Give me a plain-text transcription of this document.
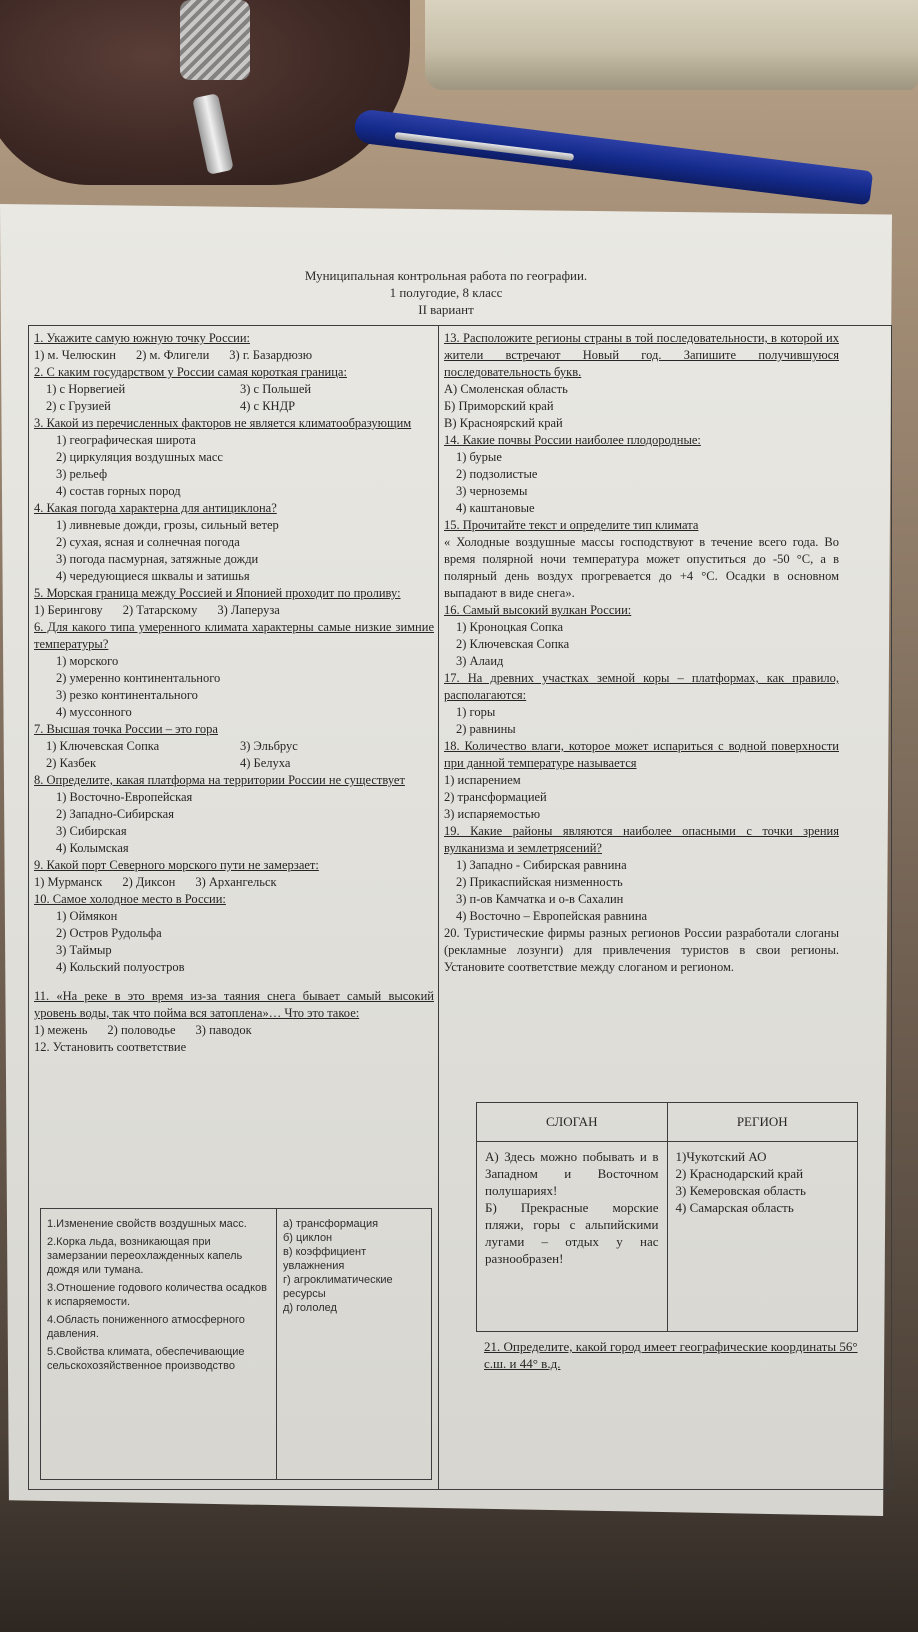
Муниципальная контрольная работа по географии.
1 полугодие, 8 класс
II вариант
1. Укажите самую южную точку России:
1) м. Челюскин 2) м. Флигели 3) г. Базардюзю
2. С каким государством у России самая короткая граница:
1) с Норвегией	3) с Польшей
2) с Грузией	4) с КНДР
3. Какой из перечисленных факторов не является климатообразующим
1) географическая широта
2) циркуляция воздушных масс
3) рельеф
4) состав горных пород
4. Какая погода характерна для антициклона?
1) ливневые дожди, грозы, сильный ветер
2) сухая, ясная и солнечная погода
3) погода пасмурная, затяжные дожди
4) чередующиеся шквалы и затишья
5. Морская граница между Россией и Японией проходит по проливу:
1) Берингову 2) Татарскому 3) Лаперуза
6. Для какого типа умеренного климата характерны самые низкие зимние температуры?
1) морского
2) умеренно континентального
3) резко континентального
4) муссонного
7. Высшая точка России – это гора
1) Ключевская Сопка	3) Эльбрус
2) Казбек	4) Белуха
8. Определите, какая платформа на территории России не существует
1) Восточно-Европейская
2) Западно-Сибирская
3) Сибирская
4) Колымская
9. Какой порт Северного морского пути не замерзает:
1) Мурманск 2) Диксон 3) Архангельск
10. Самое холодное место в России:
1) Оймякон
2) Остров Рудольфа
3) Таймыр
4) Кольский полуостров
11. «На реке в это время из-за таяния снега бывает самый высокий уровень воды, так что пойма вся затоплена»… Что это такое:
1) межень 2) половодье 3) паводок
12. Установить соответствие
1.Изменение свойств воздушных масс.
2.Корка льда, возникающая при замерзании переохлажденных капель дождя или тумана.
3.Отношение годового количества осадков к испаряемости.
4.Область пониженного атмосферного давления.
5.Свойства климата, обеспечивающие сельскохозяйственное производство
а) трансформация
б) циклон
в) коэффициент увлажнения
г) агроклиматические ресурсы
д) гололед
13. Расположите регионы страны в той последовательности, в которой их жители встречают Новый год. Запишите получившуюся последовательность букв.
А) Смоленская область
Б) Приморский край
В) Красноярский край
14. Какие почвы России наиболее плодородные:
1) бурые
2) подзолистые
3) черноземы
4) каштановые
15. Прочитайте текст и определите тип климата
« Холодные воздушные массы господствуют в течение всего года. Во время полярной ночи температура может опуститься до -50 °С, а в полярный день воздух прогревается до +4 °С. Осадки в основном выпадают в виде снега».
16. Самый высокий вулкан России:
1) Кроноцкая Сопка
2) Ключевская Сопка
3) Алаид
17. На древних участках земной коры – платформах, как правило, располагаются:
1) горы
2) равнины
18. Количество влаги, которое может испариться с водной поверхности при данной температуре называется
1) испарением
2) трансформацией
3) испаряемостью
19. Какие районы являются наиболее опасными с точки зрения вулканизма и землетрясений?
1) Западно - Сибирская равнина
2) Прикаспийская низменность
3) п-ов Камчатка и о-в Сахалин
4) Восточно – Европейская равнина
20. Туристические фирмы разных регионов России разработали слоганы (рекламные лозунги) для привлечения туристов в свои регионы. Установите соответствие между слоганом и регионом.
СЛОГАН	РЕГИОН
А) Здесь можно побывать и в Западном и Восточном полушариях!
Б) Прекрасные морские пляжи, горы с альпийскими лугами – отдых у нас разнообразен!
1)Чукотский АО
2) Краснодарский край
3) Кемеровская область
4) Самарская область
21. Определите, какой город имеет географические координаты 56° с.ш. и 44° в.д.
